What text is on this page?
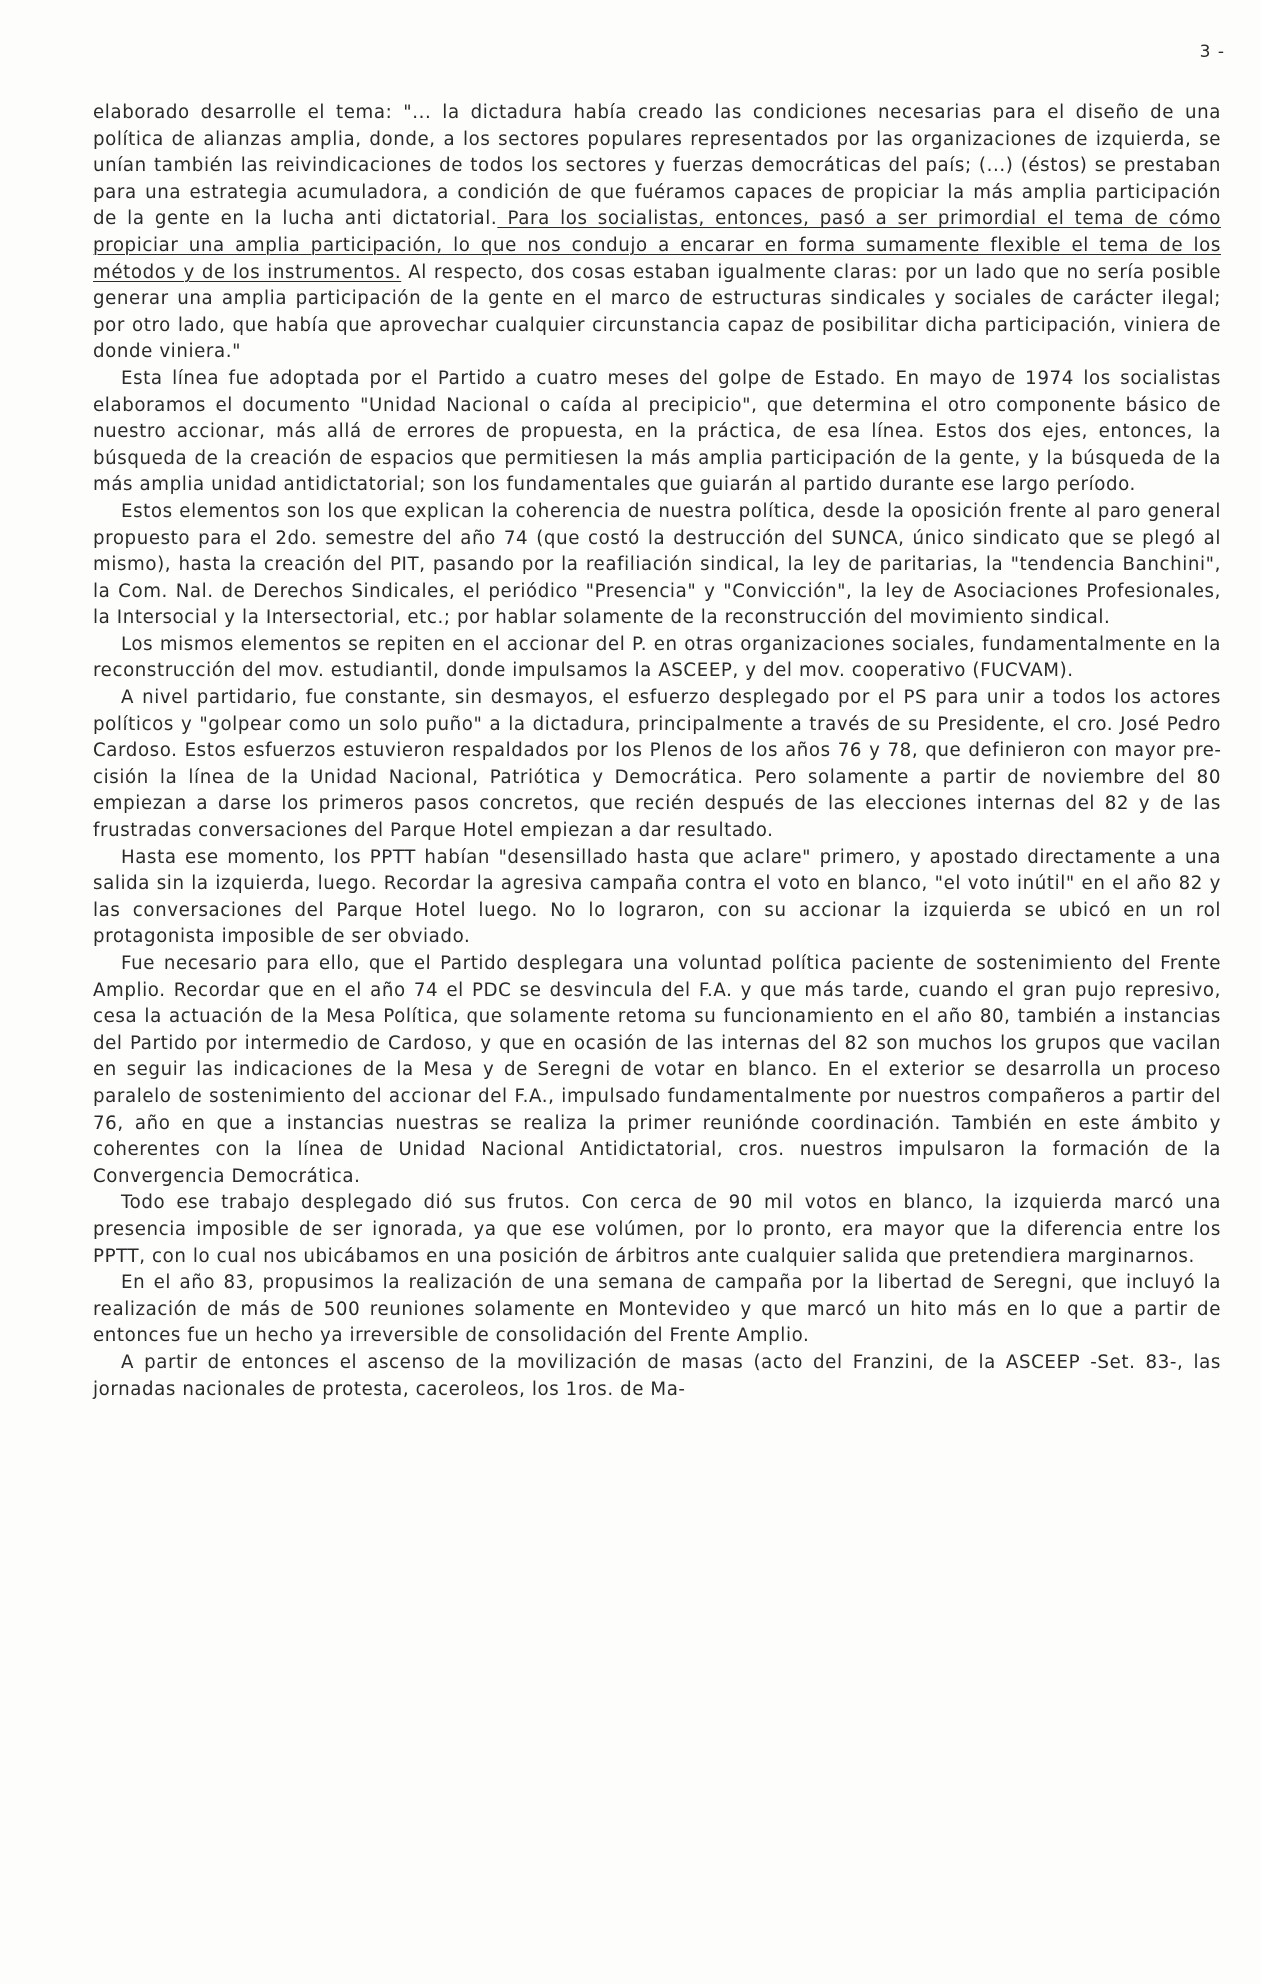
3 -

elaborado desarrolle el tema: "... la dictadura había creado las condiciones necesarias para el diseño de una política de alianzas amplia, donde, a los sectores populares representados por las organizaciones de izquierda, se unían también las reivindicaciones de todos los sectores y fuerzas democráticas del país; (...) (éstos) se prestaban para una estrategia acumuladora, a condición de que fuéramos capaces de propiciar la más amplia participación de la gente en la lucha anti dictatorial. Para los socialistas, entonces, pasó a ser primordial el tema de cómo propiciar una amplia participación, lo que nos condujo a encarar en forma sumamente flexible el tema de los métodos y de los instrumentos. Al respecto, dos cosas estaban igualmente claras: por un lado que no sería posible generar una amplia participación de la gente en el marco de estructuras sindicales y sociales de carácter ilegal; por otro lado, que había que aprovechar cualquier circunstancia capaz de posibilitar dicha participación, viniera de donde viniera."

Esta línea fue adoptada por el Partido a cuatro meses del golpe de Estado. En mayo de 1974 los socialistas elaboramos el documento "Unidad Nacional o caída al precipicio", que determina el otro componente básico de nuestro accionar, más allá de errores de propuesta, en la práctica, de esa línea. Estos dos ejes, entonces, la búsqueda de la creación de espacios que permitiesen la más amplia participación de la gente, y la búsqueda de la más amplia unidad antidictatorial; son los fundamentales que guiarán al partido durante ese largo período.

Estos elementos son los que explican la coherencia de nuestra política, desde la oposición frente al paro general propuesto para el 2do. semestre del año 74 (que costó la destrucción del SUNCA, único sindicato que se plegó al mismo), hasta la creación del PIT, pasando por la reafiliación sindical, la ley de paritarias, la "tendencia Banchini", la Com. Nal. de Derechos Sindicales, el periódico "Presencia" y "Convicción", la ley de Asociaciones Profesionales, la Intersocial y la Intersectorial, etc.; por hablar solamente de la reconstrucción del movimiento sindical.

Los mismos elementos se repiten en el accionar del P. en otras organizaciones sociales, fundamentalmente en la reconstrucción del mov. estudiantil, donde impulsamos la ASCEEP, y del mov. cooperativo (FUCVAM).

A nivel partidario, fue constante, sin desmayos, el esfuerzo desplegado por el PS para unir a todos los actores políticos y "golpear como un solo puño" a la dictadura, principalmente a través de su Presidente, el cro. José Pedro Cardoso. Estos esfuerzos estuvieron respaldados por los Plenos de los años 76 y 78, que definieron con mayor precisión la línea de la Unidad Nacional, Patriótica y Democrática. Pero solamente a partir de noviembre del 80 empiezan a darse los primeros pasos concretos, que recién después de las elecciones internas del 82 y de las frustradas conversaciones del Parque Hotel empiezan a dar resultado.

Hasta ese momento, los PPTT habían "desensillado hasta que aclare" primero, y apostado directamente a una salida sin la izquierda, luego. Recordar la agresiva campaña contra el voto en blanco, "el voto inútil" en el año 82 y las conversaciones del Parque Hotel luego. No lo lograron, con su accionar la izquierda se ubicó en un rol protagonista imposible de ser obviado.

Fue necesario para ello, que el Partido desplegara una voluntad política paciente de sostenimiento del Frente Amplio. Recordar que en el año 74 el PDC se desvincula del F.A. y que más tarde, cuando el gran pujo represivo, cesa la actuación de la Mesa Política, que solamente retoma su funcionamiento en el año 80, también a instancias del Partido por intermedio de Cardoso, y que en ocasión de las internas del 82 son muchos los grupos que vacilan en seguir las indicaciones de la Mesa y de Seregni de votar en blanco. En el exterior se desarrolla un proceso paralelo de sostenimiento del accionar del F.A., impulsado fundamentalmente por nuestros compañeros a partir del 76, año en que a instancias nuestras se realiza la primer reuniónde coordinación. También en este ámbito y coherentes con la línea de Unidad Nacional Antidictatorial, cros. nuestros impulsaron la formación de la Convergencia Democrática.

Todo ese trabajo desplegado dió sus frutos. Con cerca de 90 mil votos en blanco, la izquierda marcó una presencia imposible de ser ignorada, ya que ese volúmen, por lo pronto, era mayor que la diferencia entre los PPTT, con lo cual nos ubicábamos en una posición de árbitros ante cualquier salida que pretendiera marginarnos.

En el año 83, propusimos la realización de una semana de campaña por la libertad de Seregni, que incluyó la realización de más de 500 reuniones solamente en Montevideo y que marcó un hito más en lo que a partir de entonces fue un hecho ya irreversible de consolidación del Frente Amplio.

A partir de entonces el ascenso de la movilización de masas (acto del Franzini, de la ASCEEP -Set. 83-, las jornadas nacionales de protesta, caceroleos, los 1ros. de Ma-
